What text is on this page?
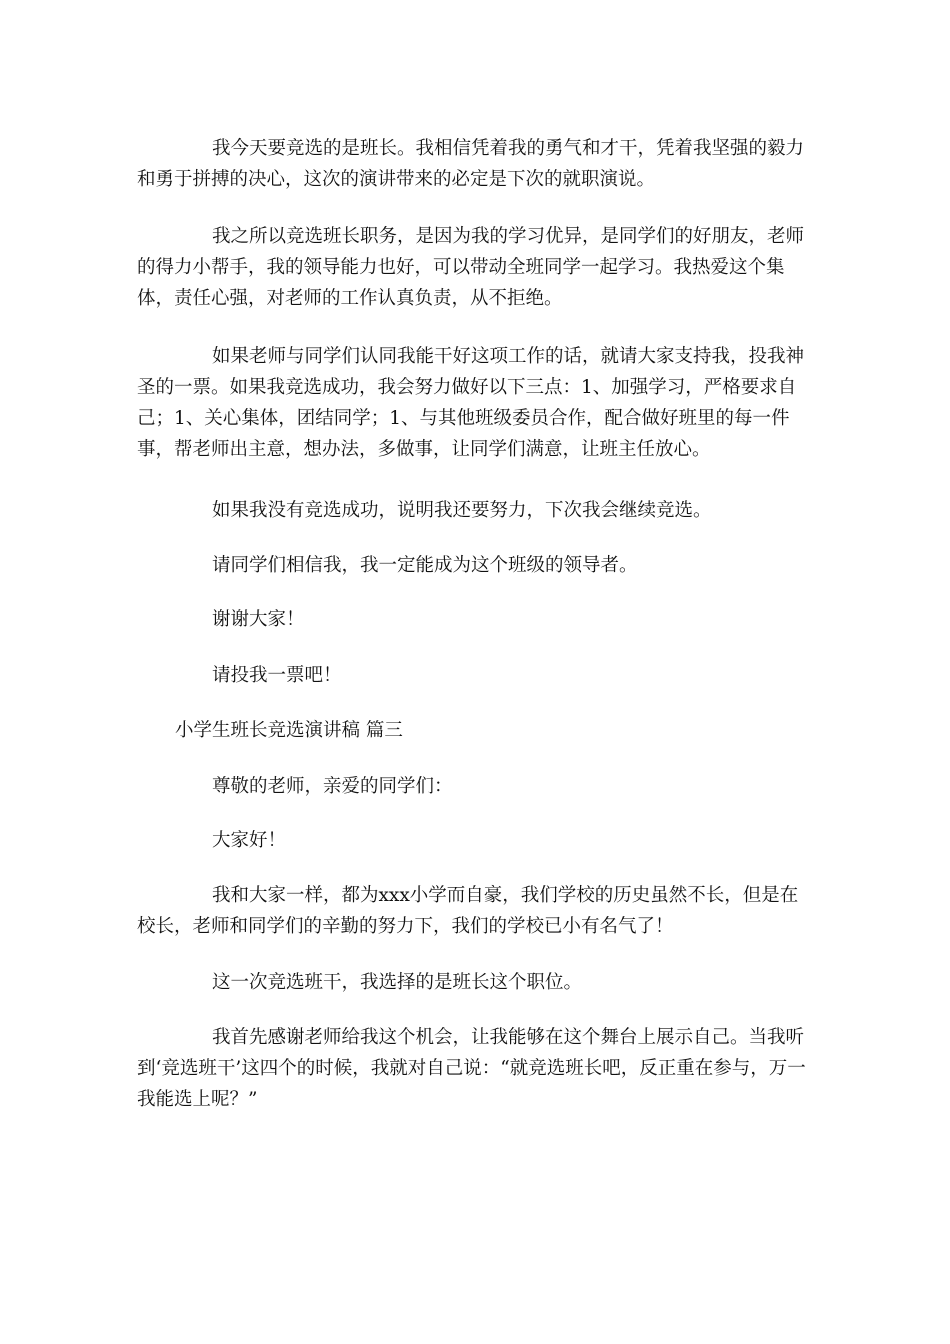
我今天要竞选的是班长。我相信凭着我的勇气和才干，凭着我坚强的毅力和勇于拼搏的决心，这次的演讲带来的必定是下次的就职演说。

我之所以竞选班长职务，是因为我的学习优异，是同学们的好朋友，老师的得力小帮手，我的领导能力也好，可以带动全班同学一起学习。我热爱这个集体，责任心强，对老师的工作认真负责，从不拒绝。

如果老师与同学们认同我能干好这项工作的话，就请大家支持我，投我神圣的一票。如果我竞选成功，我会努力做好以下三点：1、加强学习，严格要求自己；1、关心集体，团结同学；1、与其他班级委员合作，配合做好班里的每一件事，帮老师出主意，想办法，多做事，让同学们满意，让班主任放心。

如果我没有竞选成功，说明我还要努力，下次我会继续竞选。

请同学们相信我，我一定能成为这个班级的领导者。

谢谢大家！

请投我一票吧！

小学生班长竞选演讲稿 篇三

尊敬的老师，亲爱的同学们：

大家好！

我和大家一样，都为xxx小学而自豪，我们学校的历史虽然不长，但是在校长，老师和同学们的辛勤的努力下，我们的学校已小有名气了！

这一次竞选班干，我选择的是班长这个职位。

我首先感谢老师给我这个机会，让我能够在这个舞台上展示自己。当我听到‘竞选班干’这四个的时候，我就对自己说：“就竞选班长吧，反正重在参与，万一我能选上呢？”
